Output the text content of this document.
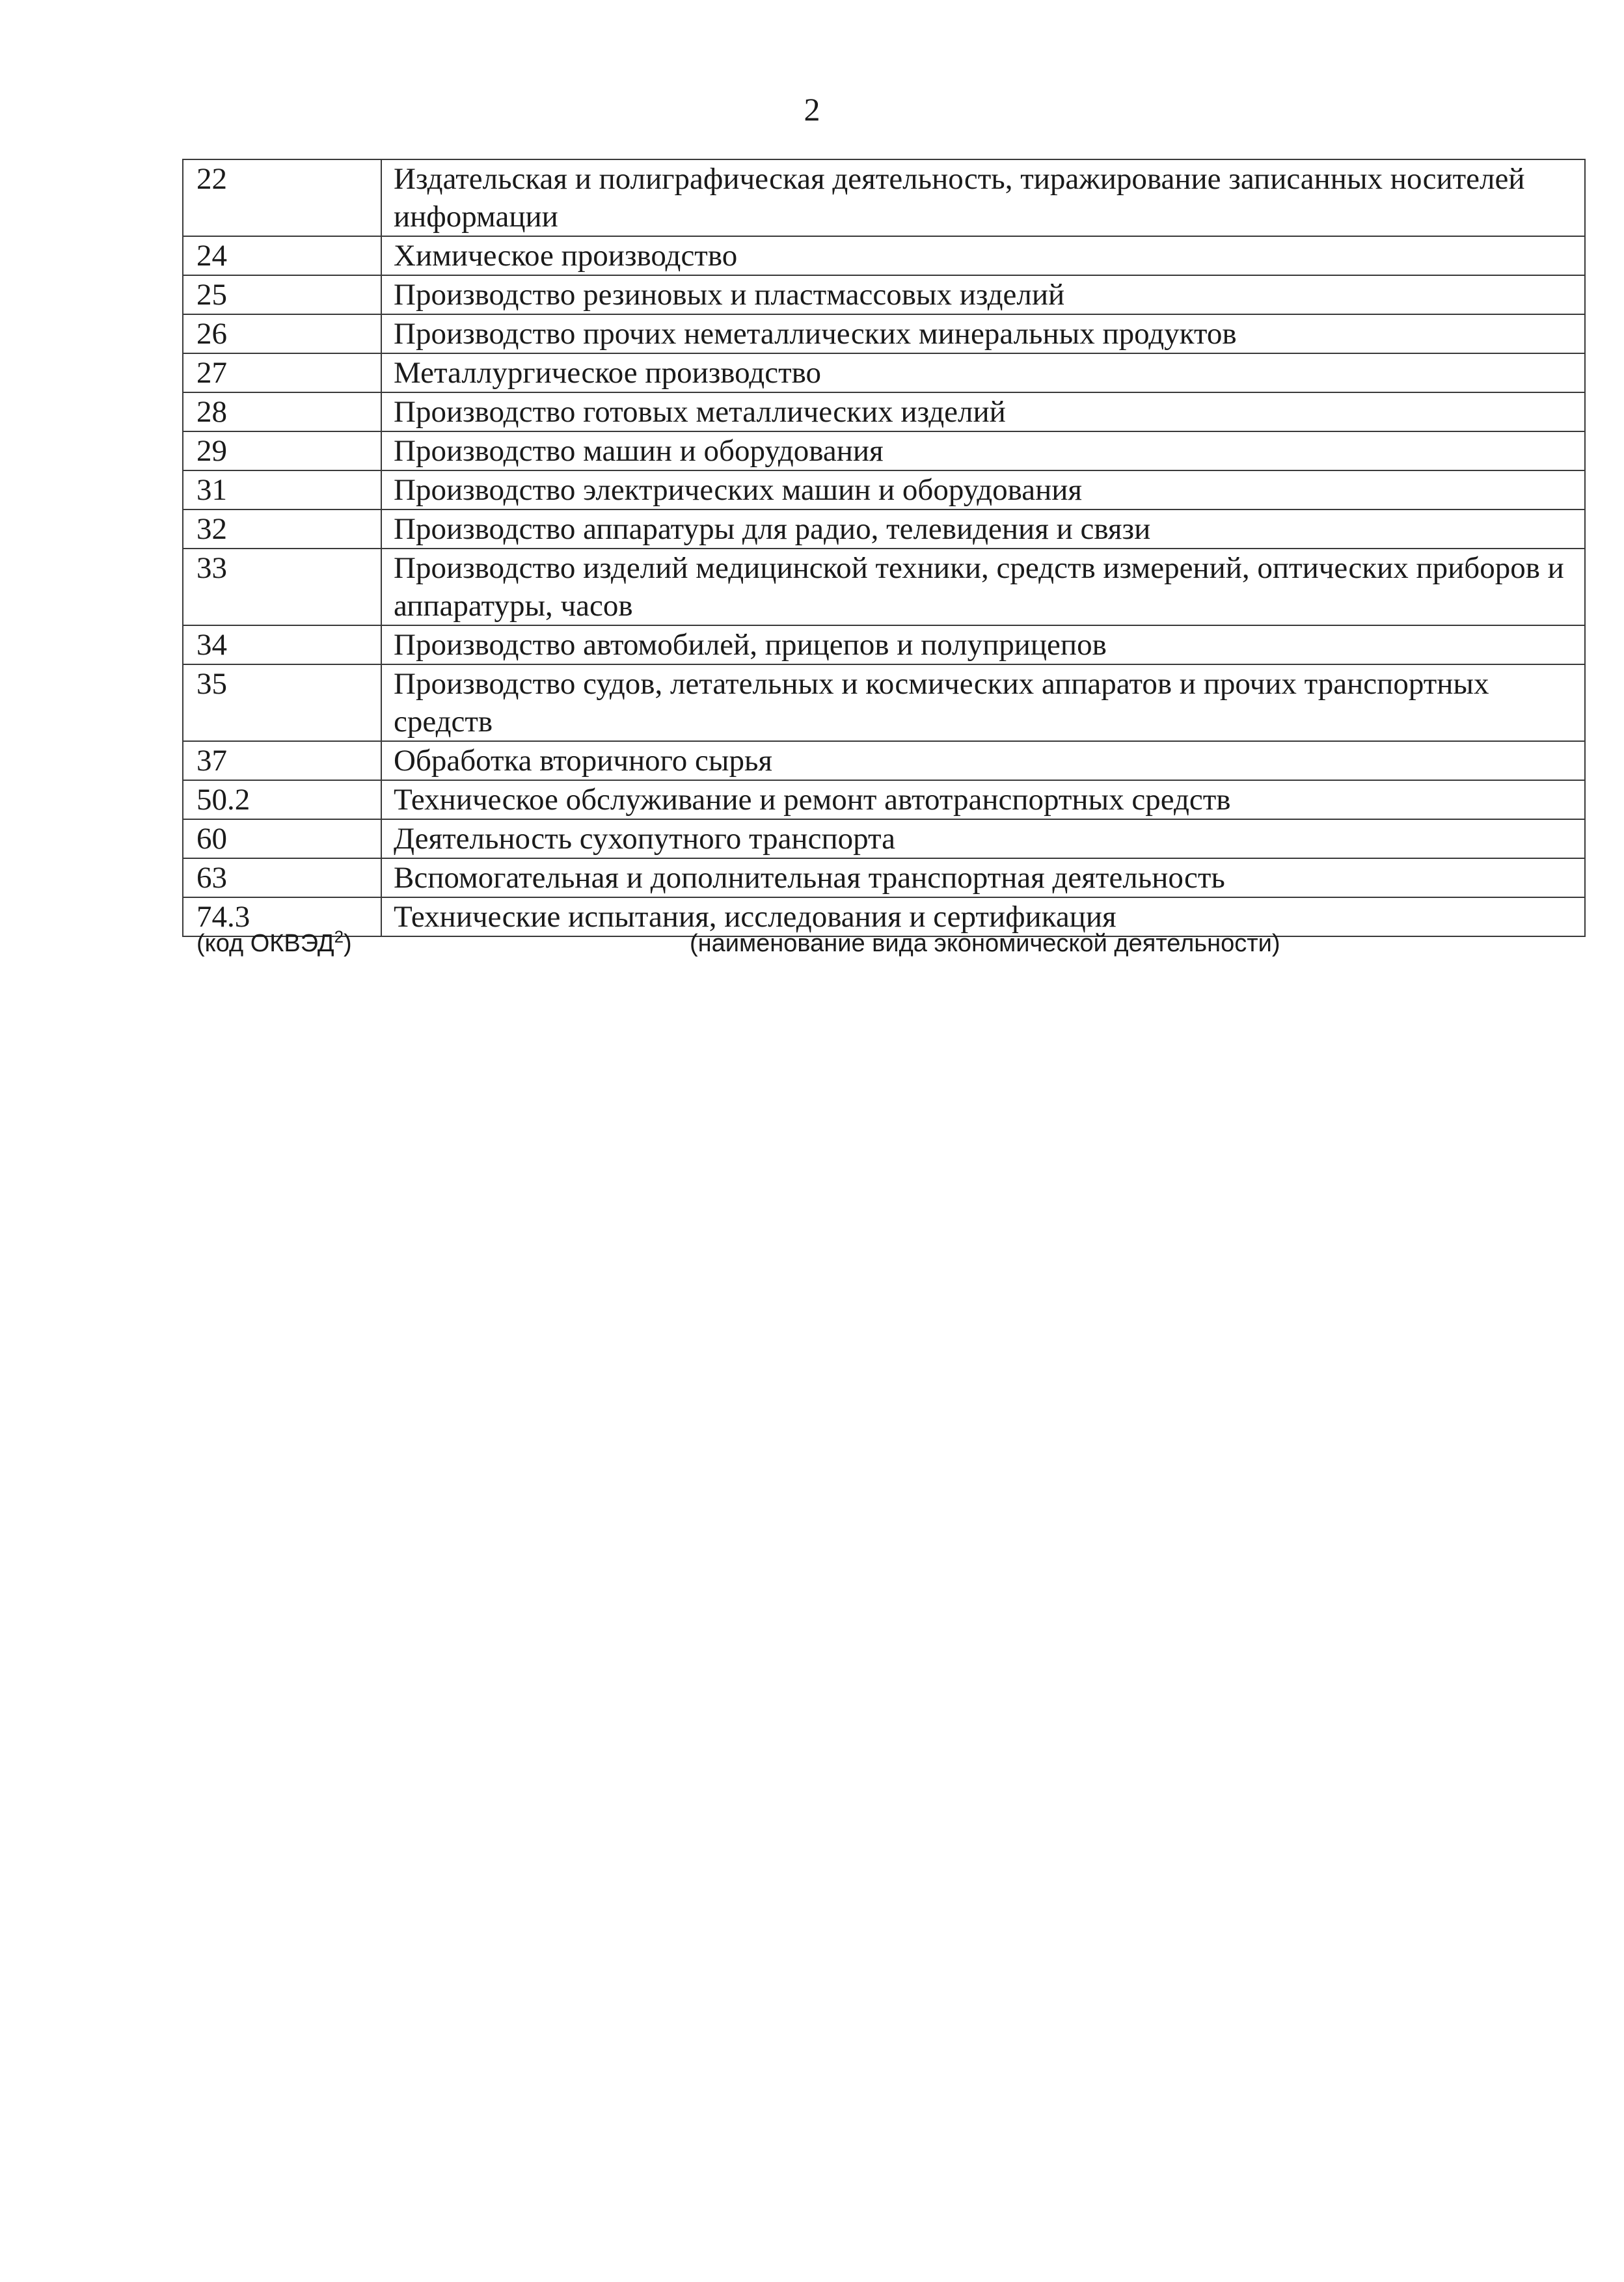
2
22	Издательская и полиграфическая деятельность, тиражирование записанных носителей информации
24	Химическое производство
25	Производство резиновых и пластмассовых изделий
26	Производство прочих неметаллических минеральных продуктов
27	Металлургическое производство
28	Производство готовых металлических изделий
29	Производство машин и оборудования
31	Производство электрических машин и оборудования
32	Производство аппаратуры для радио, телевидения и связи
33	Производство изделий медицинской техники, средств измерений, оптических приборов и аппаратуры, часов
34	Производство автомобилей, прицепов и полуприцепов
35	Производство судов, летательных и космических аппаратов и прочих транспортных средств
37	Обработка вторичного сырья
50.2	Техническое обслуживание и ремонт автотранспортных средств
60	Деятельность сухопутного транспорта
63	Вспомогательная и дополнительная транспортная деятельность
74.3	Технические испытания, исследования и сертификация
(код ОКВЭД$^2$)	(наименование вида экономической деятельности)
